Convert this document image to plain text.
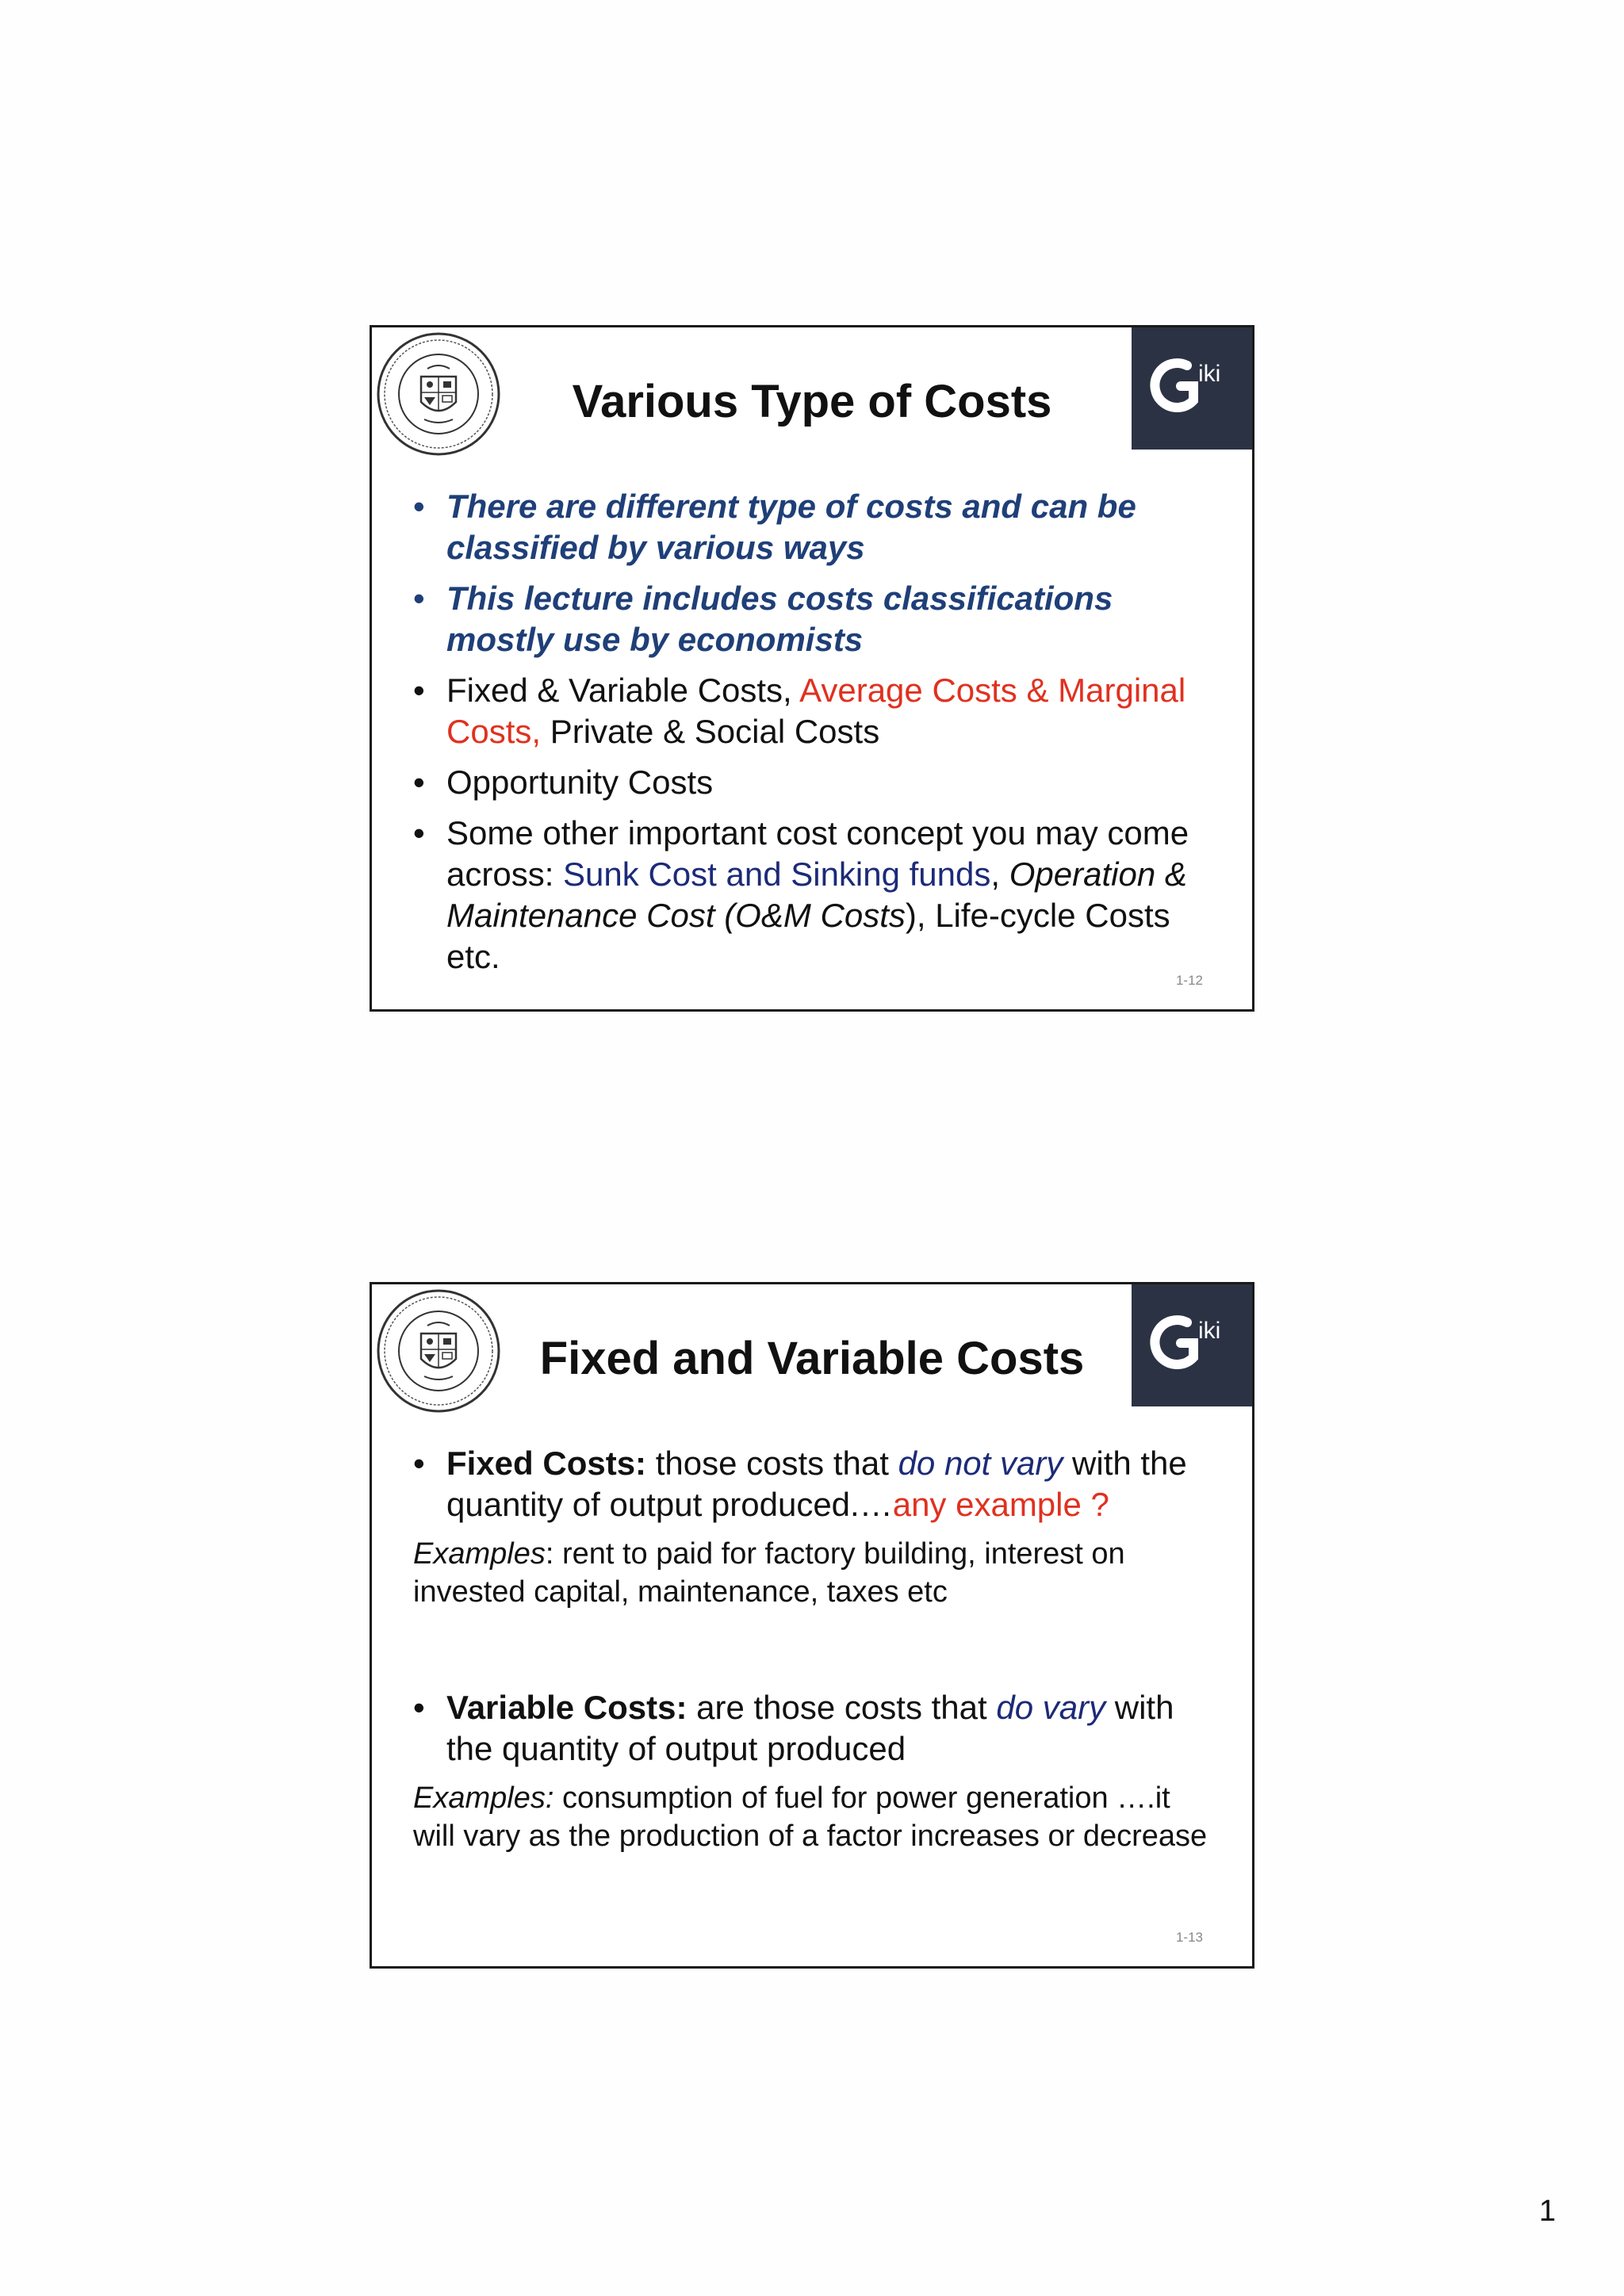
iki
Various Type of Costs
• There are different type of costs and can be classified by various ways
• This lecture includes costs classifications mostly use by economists
• Fixed & Variable Costs, Average Costs & Marginal Costs, Private & Social Costs
• Opportunity Costs
• Some other important cost concept you may come across: Sunk Cost and Sinking funds, Operation & Maintenance Cost (O&M Costs), Life-cycle Costs etc.
1-12
iki
Fixed and Variable Costs
• Fixed Costs: those costs that do not vary with the quantity of output produced.…any example ?
Examples: rent to paid for factory building, interest on invested capital, maintenance, taxes etc
• Variable Costs: are those costs that do vary with the quantity of output produced
Examples: consumption of fuel for power generation ….it will vary as the production of a factor increases or decrease
1-13
1
